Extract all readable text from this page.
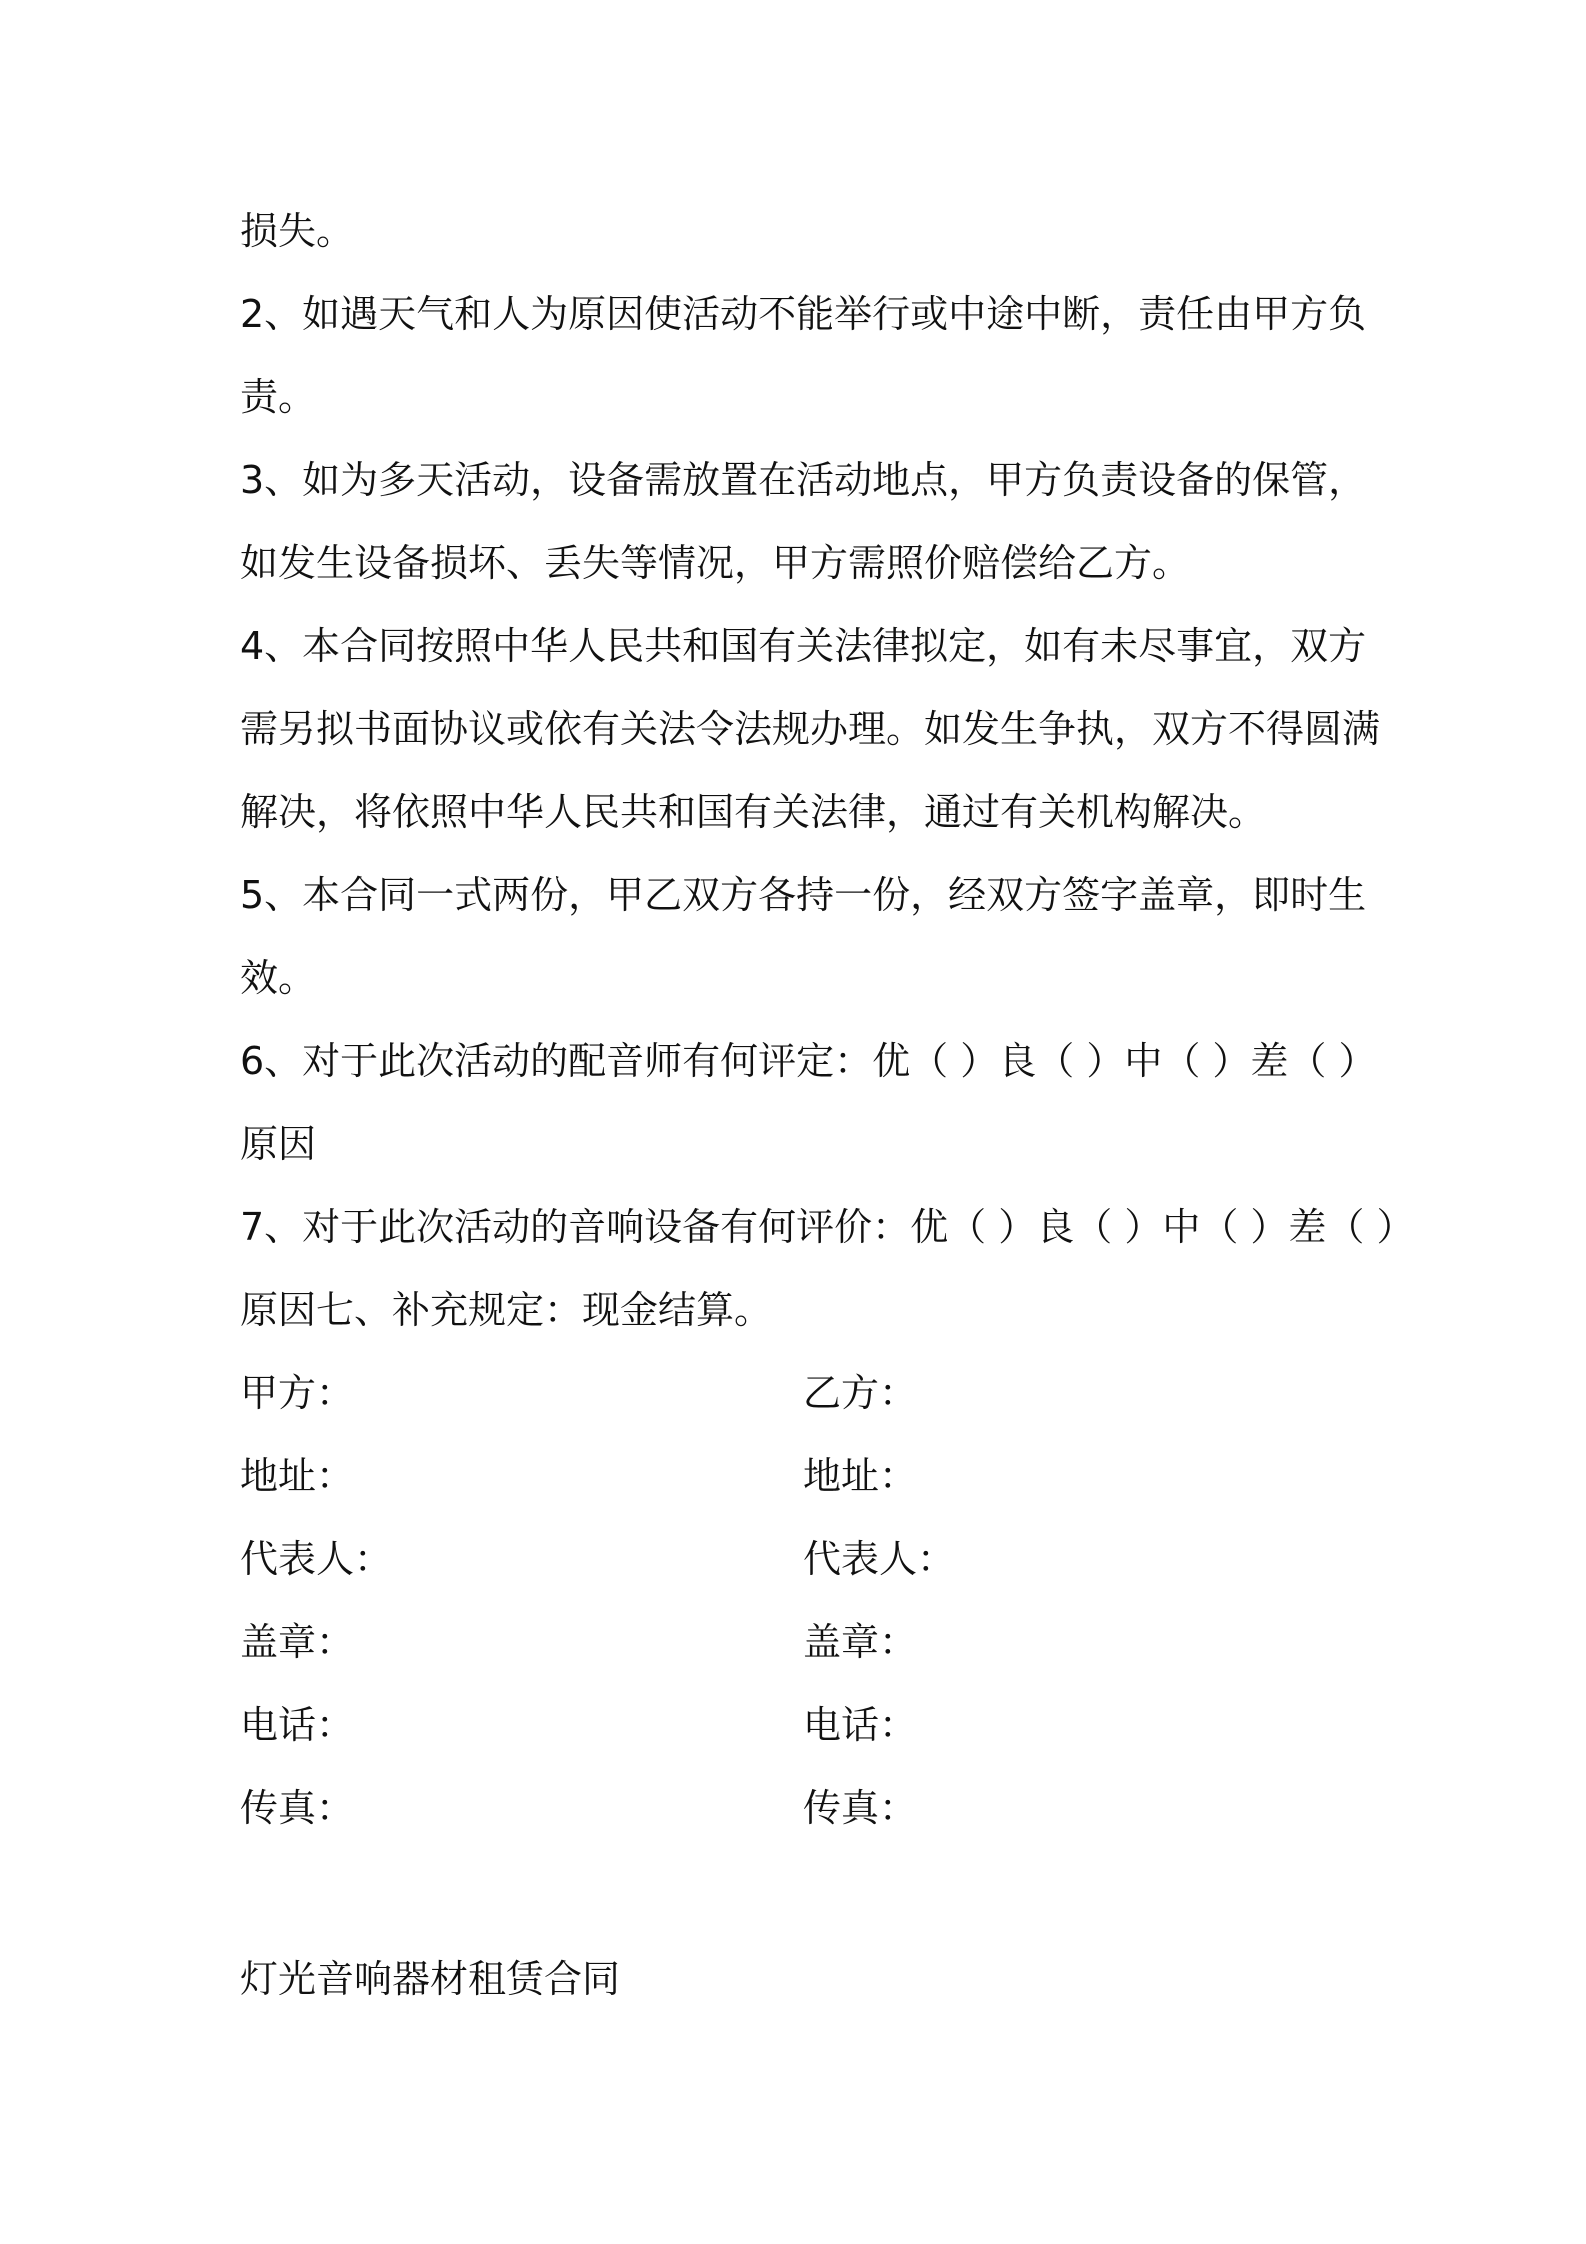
损失。
2、如遇天气和人为原因使活动不能举行或中途中断，责任由甲方负
责。
3、如为多天活动，设备需放置在活动地点，甲方负责设备的保管，
如发生设备损坏、丢失等情况，甲方需照价赔偿给乙方。
4、本合同按照中华人民共和国有关法律拟定，如有未尽事宜，双方
需另拟书面协议或依有关法令法规办理。如发生争执，双方不得圆满
解决，将依照中华人民共和国有关法律，通过有关机构解决。
5、本合同一式两份，甲乙双方各持一份，经双方签字盖章，即时生
效。
6、对于此次活动的配音师有何评定：优（ ）良（ ）中（ ）差（ ）
原因
7、对于此次活动的音响设备有何评价：优（ ）良（ ）中（ ）差（ ）
原因七、补充规定：现金结算。
甲方：	乙方：
地址：	地址：
代表人：	代表人：
盖章：	盖章：
电话：	电话：
传真：	传真：
灯光音响器材租赁合同
